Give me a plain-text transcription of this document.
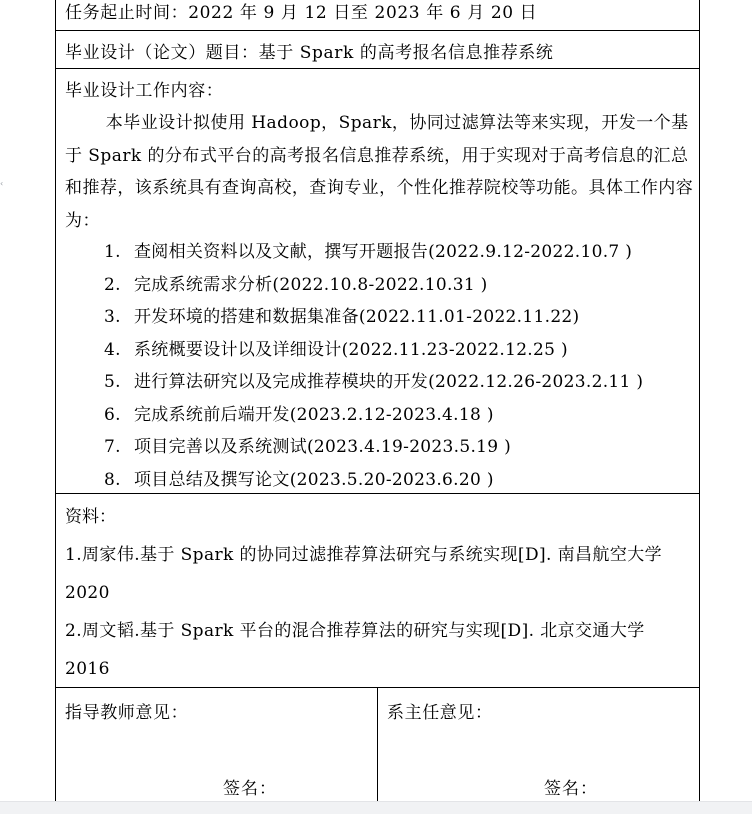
‹
任务起止时间：2022 年 9 月 12 日至 2023 年 6 月 20 日
毕业设计（论文）题目：基于 Spark 的高考报名信息推荐系统
毕业设计工作内容：
本毕业设计拟使用 Hadoop，Spark，协同过滤算法等来实现，开发一个基于 Spark 的分布式平台的高考报名信息推荐系统，用于实现对于高考信息的汇总和推荐，该系统具有查询高校，查询专业，个性化推荐院校等功能。具体工作内容为：
1. 查阅相关资料以及文献，撰写开题报告(2022.9.12-2022.10.7 )
2. 完成系统需求分析(2022.10.8-2022.10.31 )
3. 开发环境的搭建和数据集准备(2022.11.01-2022.11.22)
4. 系统概要设计以及详细设计(2022.11.23-2022.12.25 )
5. 进行算法研究以及完成推荐模块的开发(2022.12.26-2023.2.11 )
6. 完成系统前后端开发(2023.2.12-2023.4.18 )
7. 项目完善以及系统测试(2023.4.19-2023.5.19 )
8. 项目总结及撰写论文(2023.5.20-2023.6.20 )
资料：

1.周家伟.基于 Spark 的协同过滤推荐算法研究与系统实现[D]. 南昌航空大学 2020

2.周文韬.基于 Spark 平台的混合推荐算法的研究与实现[D]. 北京交通大学 2016

指导教师意见：
签名：
系主任意见：
签名：
